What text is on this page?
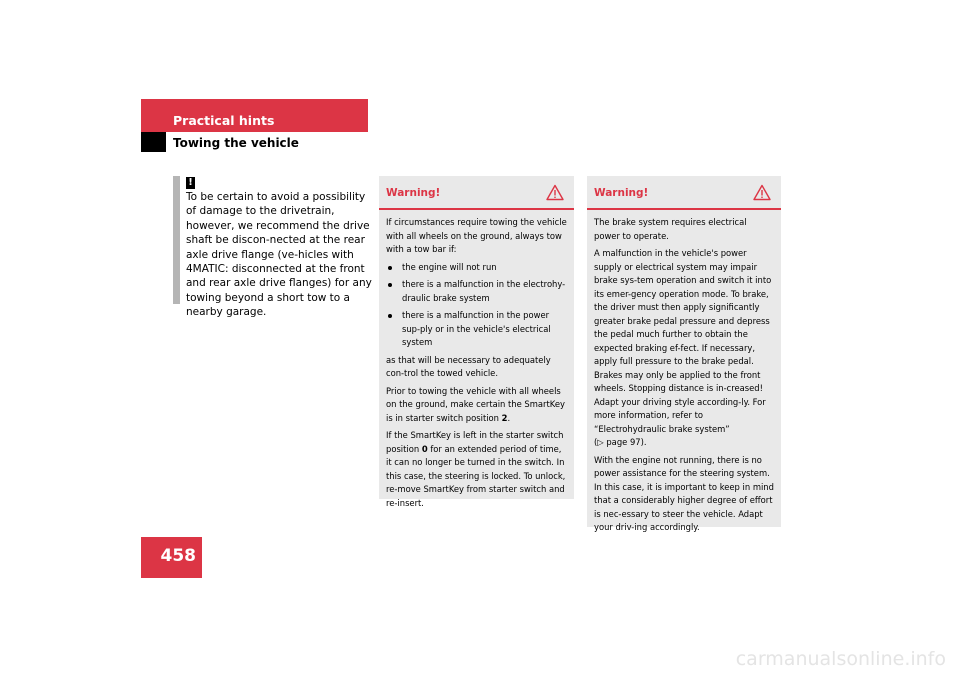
Practical hints
Towing the vehicle
!
To be certain to avoid a possibility of damage to the drivetrain, however, we recommend the drive shaft be discon-nected at the rear axle drive flange (ve-hicles with 4MATIC: disconnected at the front and rear axle drive flanges) for any towing beyond a short tow to a nearby garage.
Warning!

If circumstances require towing the vehicle with all wheels on the ground, always tow with a tow bar if:

the engine will not run
there is a malfunction in the electrohy-draulic brake system
there is a malfunction in the power sup-ply or in the vehicle's electrical system

as that will be necessary to adequately con-trol the towed vehicle.

Prior to towing the vehicle with all wheels on the ground, make certain the SmartKey is in starter switch position 2.

If the SmartKey is left in the starter switch position 0 for an extended period of time, it can no longer be turned in the switch. In this case, the steering is locked. To unlock, re-move SmartKey from starter switch and re-insert.

Warning!

The brake system requires electrical power to operate.

A malfunction in the vehicle's power supply or electrical system may impair brake sys-tem operation and switch it into its emer-gency operation mode. To brake, the driver must then apply significantly greater brake pedal pressure and depress the pedal much further to obtain the expected braking ef-fect. If necessary, apply full pressure to the brake pedal. Brakes may only be applied to the front wheels. Stopping distance is in-creased! Adapt your driving style according-ly. For more information, refer to “Electrohydraulic brake system”
(▷ page 97).

With the engine not running, there is no power assistance for the steering system. In this case, it is important to keep in mind that a considerably higher degree of effort is nec-essary to steer the vehicle. Adapt your driv-ing accordingly.

458
carmanualsonline.info
